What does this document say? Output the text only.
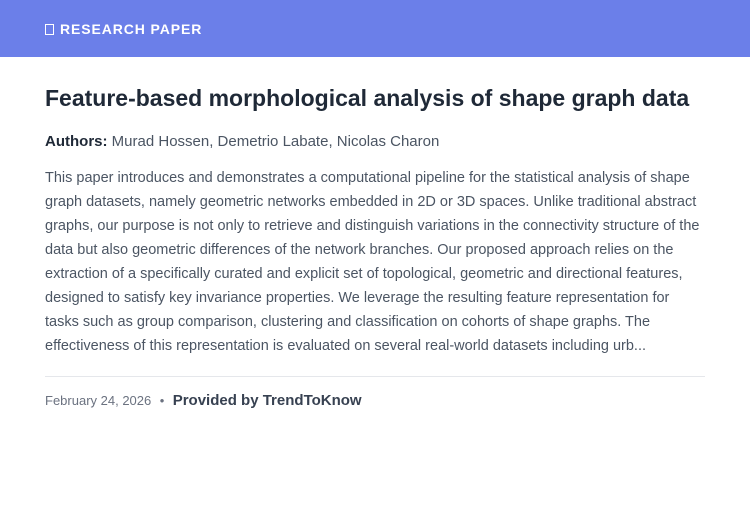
RESEARCH PAPER
Feature-based morphological analysis of shape graph data
Authors: Murad Hossen, Demetrio Labate, Nicolas Charon
This paper introduces and demonstrates a computational pipeline for the statistical analysis of shape graph datasets, namely geometric networks embedded in 2D or 3D spaces. Unlike traditional abstract graphs, our purpose is not only to retrieve and distinguish variations in the connectivity structure of the data but also geometric differences of the network branches. Our proposed approach relies on the extraction of a specifically curated and explicit set of topological, geometric and directional features, designed to satisfy key invariance properties. We leverage the resulting feature representation for tasks such as group comparison, clustering and classification on cohorts of shape graphs. The effectiveness of this representation is evaluated on several real-world datasets including urb...
February 24, 2026 • Provided by TrendToKnow
